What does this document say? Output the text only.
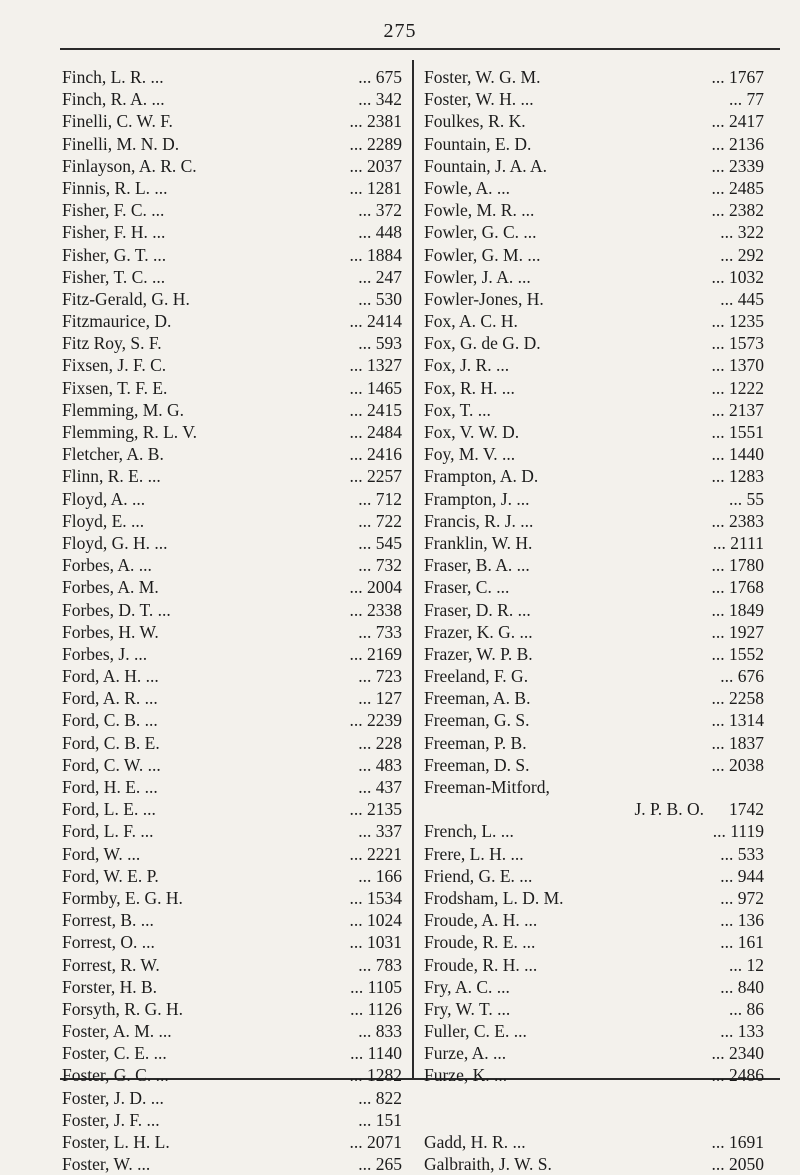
275
Finch, L. R. ...	... 675
Finch, R. A. ...	... 342
Finelli, C. W. F.	... 2381
Finelli, M. N. D.	... 2289
Finlayson, A. R. C.	... 2037
Finnis, R. L. ...	... 1281
Fisher, F. C. ...	... 372
Fisher, F. H. ...	... 448
Fisher, G. T. ...	... 1884
Fisher, T. C. ...	... 247
Fitz-Gerald, G. H.	... 530
Fitzmaurice, D.	... 2414
Fitz Roy, S. F.	... 593
Fixsen, J. F. C.	... 1327
Fixsen, T. F. E.	... 1465
Flemming, M. G.	... 2415
Flemming, R. L. V.	... 2484
Fletcher, A. B.	... 2416
Flinn, R. E. ...	... 2257
Floyd, A. ...	... 712
Floyd, E. ...	... 722
Floyd, G. H. ...	... 545
Forbes, A. ...	... 732
Forbes, A. M.	... 2004
Forbes, D. T. ...	... 2338
Forbes, H. W.	... 733
Forbes, J. ...	... 2169
Ford, A. H. ...	... 723
Ford, A. R. ...	... 127
Ford, C. B. ...	... 2239
Ford, C. B. E.	... 228
Ford, C. W. ...	... 483
Ford, H. E. ...	... 437
Ford, L. E. ...	... 2135
Ford, L. F. ...	... 337
Ford, W. ...	... 2221
Ford, W. E. P.	... 166
Formby, E. G. H.	... 1534
Forrest, B. ...	... 1024
Forrest, O. ...	... 1031
Forrest, R. W.	... 783
Forster, H. B.	... 1105
Forsyth, R. G. H.	... 1126
Foster, A. M. ...	... 833
Foster, C. E. ...	... 1140
Foster, G. C. ...	... 1282
Foster, J. D. ...	... 822
Foster, J. F. ...	... 151
Foster, L. H. L.	... 2071
Foster, W. ...	... 265
Foster, W. G. M.	... 1767
Foster, W. H. ...	... 77
Foulkes, R. K.	... 2417
Fountain, E. D.	... 2136
Fountain, J. A. A.	... 2339
Fowle, A. ...	... 2485
Fowle, M. R. ...	... 2382
Fowler, G. C. ...	... 322
Fowler, G. M. ...	... 292
Fowler, J. A. ...	... 1032
Fowler-Jones, H.	... 445
Fox, A. C. H.	... 1235
Fox, G. de G. D.	... 1573
Fox, J. R. ...	... 1370
Fox, R. H. ...	... 1222
Fox, T. ...	... 2137
Fox, V. W. D.	... 1551
Foy, M. V. ...	... 1440
Frampton, A. D.	... 1283
Frampton, J. ...	... 55
Francis, R. J. ...	... 2383
Franklin, W. H.	... 2111
Fraser, B. A. ...	... 1780
Fraser, C. ...	... 1768
Fraser, D. R. ...	... 1849
Frazer, K. G. ...	... 1927
Frazer, W. P. B.	... 1552
Freeland, F. G.	... 676
Freeman, A. B.	... 2258
Freeman, G. S.	... 1314
Freeman, P. B.	... 1837
Freeman, D. S.	... 2038
Freeman-Mitford,
J. P. B. O.	1742
French, L. ...	... 1119
Frere, L. H. ...	... 533
Friend, G. E. ...	... 944
Frodsham, L. D. M.	... 972
Froude, A. H. ...	... 136
Froude, R. E. ...	... 161
Froude, R. H. ...	... 12
Fry, A. C. ...	... 840
Fry, W. T. ...	... 86
Fuller, C. E. ...	... 133
Furze, A. ...	... 2340
Furze, K. ...	... 2486
Gadd, H. R. ...	... 1691
Galbraith, J. W. S.	... 2050
